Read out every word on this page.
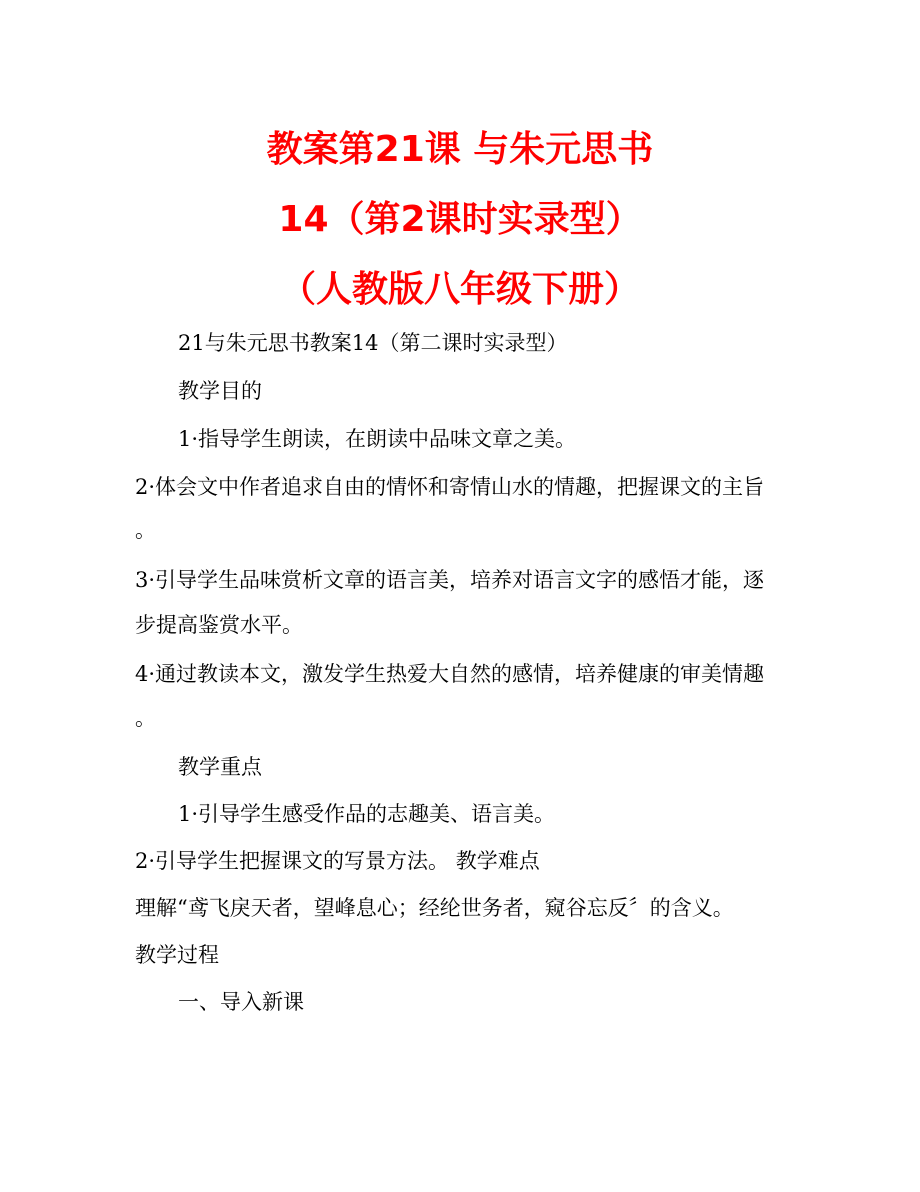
教案第21课 与朱元思书
14（第2课时实录型）
（人教版八年级下册）
21与朱元思书教案14（第二课时实录型）
教学目的
1·指导学生朗读，在朗读中品味文章之美。
2·体会文中作者追求自由的情怀和寄情山水的情趣，把握课文的主旨
。
3·引导学生品味赏析文章的语言美，培养对语言文字的感悟才能，逐
步提高鉴赏水平。
4·通过教读本文，激发学生热爱大自然的感情，培养健康的审美情趣
。
教学重点
1·引导学生感受作品的志趣美、语言美。
2·引导学生把握课文的写景方法。 教学难点
理解“鸢飞戾天者，望峰息心；经纶世务者，窥谷忘反〞的含义。
教学过程
一、导入新课
